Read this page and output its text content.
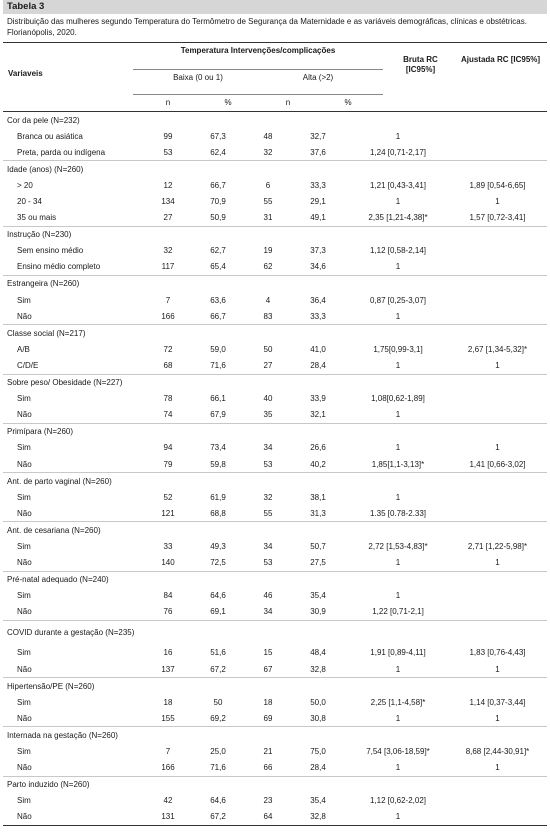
Tabela 3
Distribuição das mulheres segundo Temperatura do Termômetro de Segurança da Maternidade e as variáveis demográficas, clínicas e obstétricas. Florianópolis, 2020.
Variaveis
Temperatura Intervenções/complicações
Baixa (0 ou 1)	Alta (>2)
n	%	n	%
Bruta RC [IC95%]
Ajustada RC [IC95%]
Cor da pele (N=232)						
Branca ou asiática	99	67,3	48	32,7	1	
Preta, parda ou indígena	53	62,4	32	37,6	1,24 [0,71-2,17]	
Idade (anos) (N=260)						
> 20	12	66,7	6	33,3	1,21 [0,43-3,41]	1,89 [0,54-6,65]
20 - 34	134	70,9	55	29,1	1	1
35 ou mais	27	50,9	31	49,1	2,35 [1,21-4,38]*	1,57 [0,72-3,41]
Instrução (N=230)						
Sem ensino médio	32	62,7	19	37,3	1,12 [0,58-2,14]	
Ensino médio completo	117	65,4	62	34,6	1	
Estrangeira (N=260)						
Sim	7	63,6	4	36,4	0,87 [0,25-3,07]	
Não	166	66,7	83	33,3	1	
Classe social (N=217)						
A/B	72	59,0	50	41,0	1,75[0,99-3,1]	2,67 [1,34-5,32]*
C/D/E	68	71,6	27	28,4	1	1
Sobre peso/ Obesidade (N=227)						
Sim	78	66,1	40	33,9	1,08[0,62-1,89]	
Não	74	67,9	35	32,1	1	
Primípara (N=260)						
Sim	94	73,4	34	26,6	1	1
Não	79	59,8	53	40,2	1,85[1,1-3,13]*	1,41 [0,66-3,02]
Ant. de parto vaginal (N=260)						
Sim	52	61,9	32	38,1	1	
Não	121	68,8	55	31,3	1.35 [0.78-2.33]	
Ant. de cesariana (N=260)						
Sim	33	49,3	34	50,7	2,72 [1,53-4,83]*	2,71 [1,22-5,98]*
Não	140	72,5	53	27,5	1	1
Pré-natal adequado (N=240)						
Sim	84	64,6	46	35,4	1	
Não	76	69,1	34	30,9	1,22 [0,71-2,1]	
COVID durante a gestação (N=235)						
Sim	16	51,6	15	48,4	1,91 [0,89-4,11]	1,83 [0,76-4,43]
Não	137	67,2	67	32,8	1	1
Hipertensão/PE (N=260)						
Sim	18	50	18	50,0	2,25 [1,1-4,58]*	1,14 [0,37-3,44]
Não	155	69,2	69	30,8	1	1
Internada na gestação (N=260)						
Sim	7	25,0	21	75,0	7,54 [3,06-18,59]*	8,68 [2,44-30,91]*
Não	166	71,6	66	28,4	1	1
Parto induzido (N=260)						
Sim	42	64,6	23	35,4	1,12 [0,62-2,02]	
Não	131	67,2	64	32,8	1	
